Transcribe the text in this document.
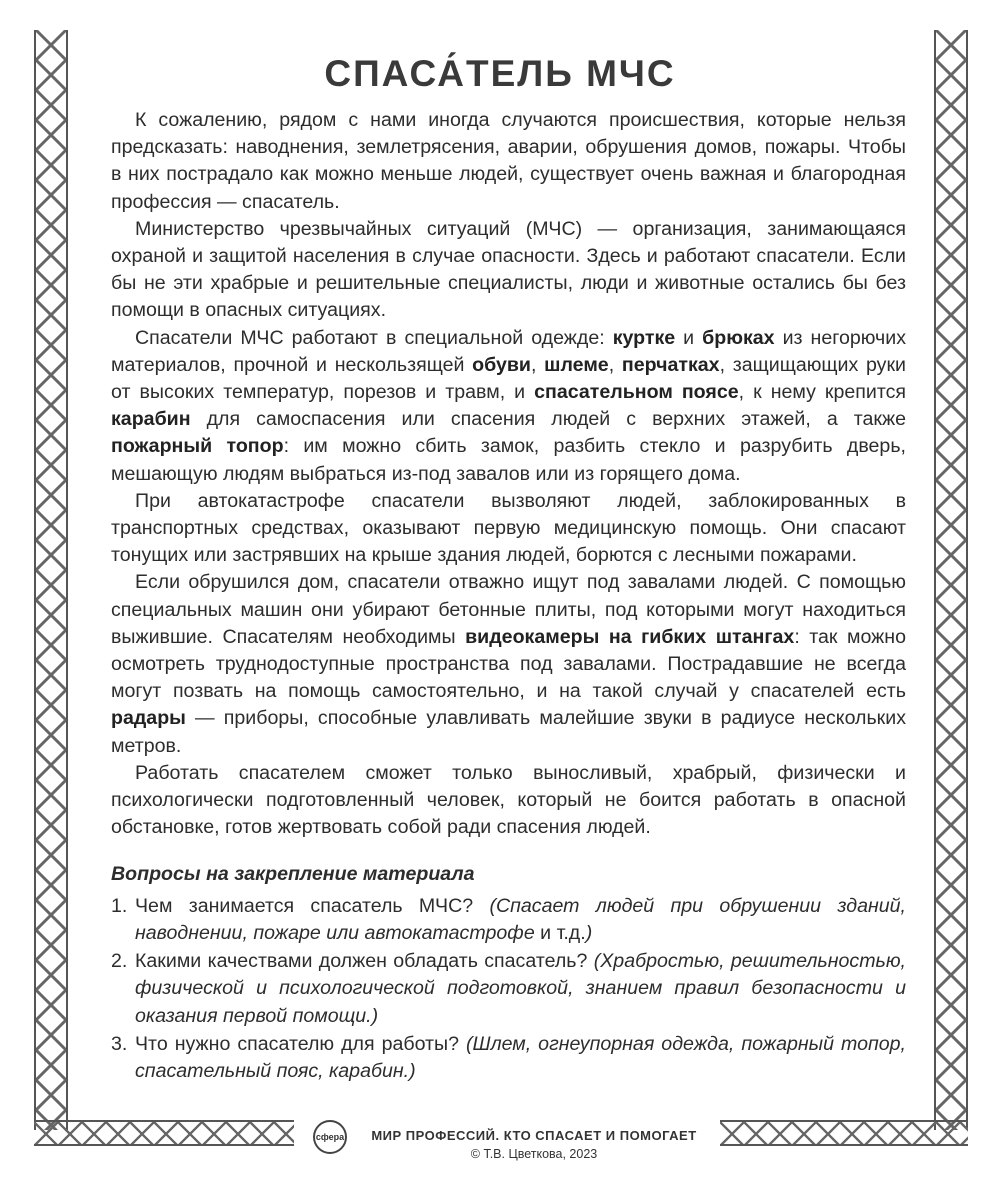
СПАСА́ТЕЛЬ МЧС

К сожалению, рядом с нами иногда случаются происшествия, которые нельзя предсказать: наводнения, землетрясения, аварии, обрушения домов, пожары. Чтобы в них пострадало как можно меньше людей, существует очень важная и благородная профессия — спасатель.

Министерство чрезвычайных ситуаций (МЧС) — организация, занимающаяся охраной и защитой населения в случае опасности. Здесь и работают спасатели. Если бы не эти храбрые и решительные специалисты, люди и животные остались бы без помощи в опасных ситуациях.

Спасатели МЧС работают в специальной одежде: куртке и брюках из негорючих материалов, прочной и нескользящей обуви, шлеме, перчатках, защищающих руки от высоких температур, порезов и травм, и спасательном поясе, к нему крепится карабин для самоспасения или спасения людей с верхних этажей, а также пожарный топор: им можно сбить замок, разбить стекло и разрубить дверь, мешающую людям выбраться из-под завалов или из горящего дома.

При автокатастрофе спасатели вызволяют людей, заблокированных в транспортных средствах, оказывают первую медицинскую помощь. Они спасают тонущих или застрявших на крыше здания людей, борются с лесными пожарами.

Если обрушился дом, спасатели отважно ищут под завалами людей. С помощью специальных машин они убирают бетонные плиты, под которыми могут находиться выжившие. Спасателям необходимы видеокамеры на гибких штангах: так можно осмотреть труднодоступные пространства под завалами. Пострадавшие не всегда могут позвать на помощь самостоятельно, и на такой случай у спасателей есть радары — приборы, способные улавливать малейшие звуки в радиусе нескольких метров.

Работать спасателем сможет только выносливый, храбрый, физически и психологически подготовленный человек, который не боится работать в опасной обстановке, готов жертвовать собой ради спасения людей.

Вопросы на закрепление материала
1. Чем занимается спасатель МЧС? (Спасает людей при обрушении зданий, наводнении, пожаре или автокатастрофе и т.д.)
2. Какими качествами должен обладать спасатель? (Храбростью, решительностью, физической и психологической подготовкой, знанием правил безопасности и оказания первой помощи.)
3. Что нужно спасателю для работы? (Шлем, огнеупорная одежда, пожарный топор, спасательный пояс, карабин.)
сфера	МИР ПРОФЕССИЙ. КТО СПАСАЕТ И ПОМОГАЕТ
© Т.В. Цветкова, 2023
